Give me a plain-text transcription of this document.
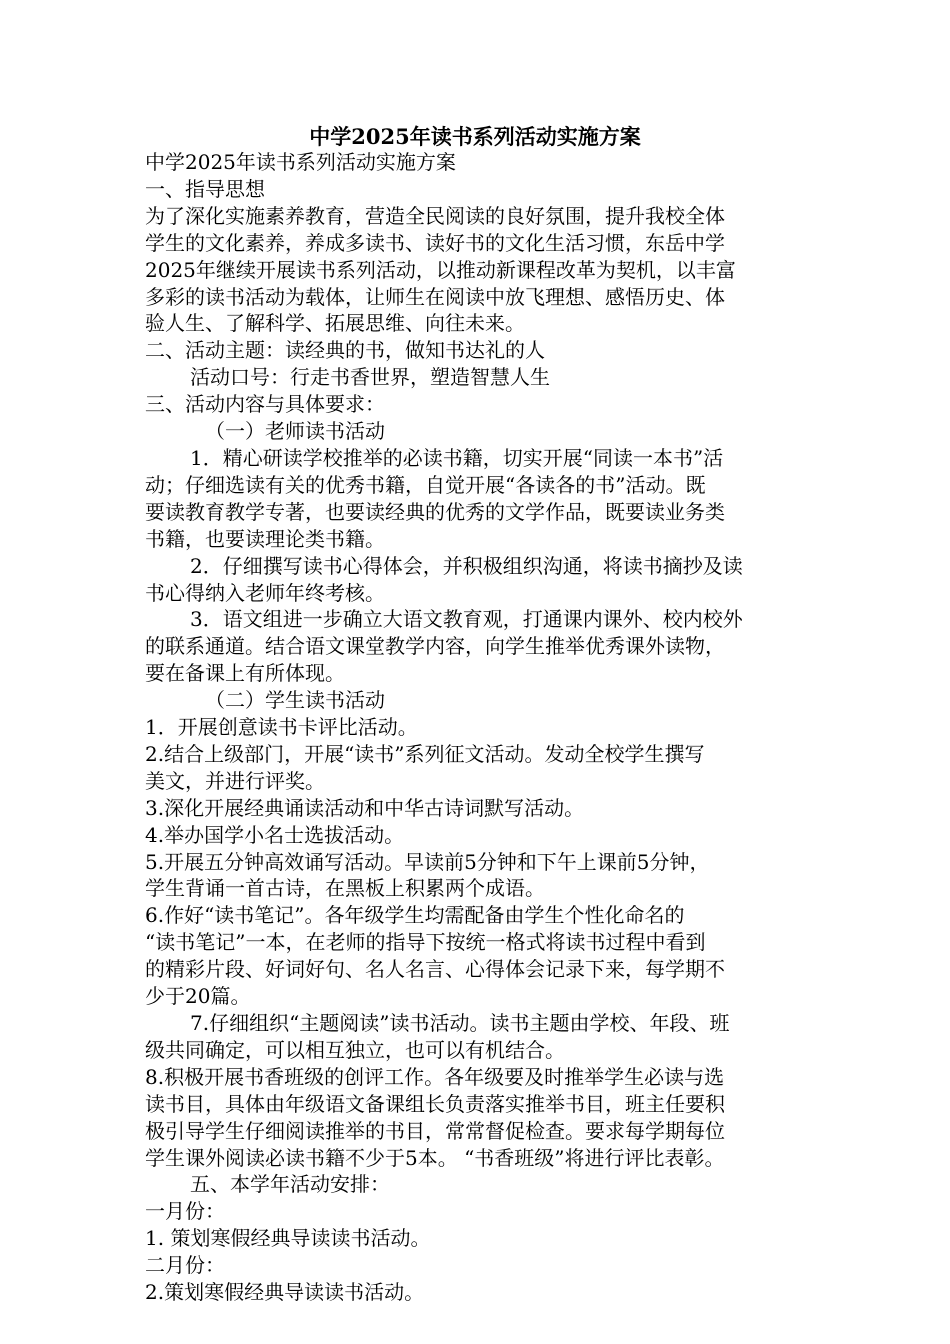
中学2025年读书系列活动实施方案

中学2025年读书系列活动实施方案

一、指导思想

为了深化实施素养教育，营造全民阅读的良好氛围，提升我校全体

学生的文化素养，养成多读书、读好书的文化生活习惯，东岳中学

2025年继续开展读书系列活动，以推动新课程改革为契机，以丰富

多彩的读书活动为载体，让师生在阅读中放飞理想、感悟历史、体

验人生、了解科学、拓展思维、向往未来。

二、活动主题：读经典的书，做知书达礼的人

活动口号：行走书香世界，塑造智慧人生

三、活动内容与具体要求：

（一）老师读书活动

1．精心研读学校推举的必读书籍，切实开展“同读一本书”活

动；仔细选读有关的优秀书籍，自觉开展“各读各的书”活动。既

要读教育教学专著，也要读经典的优秀的文学作品，既要读业务类

书籍，也要读理论类书籍。

2．仔细撰写读书心得体会，并积极组织沟通，将读书摘抄及读

书心得纳入老师年终考核。

3．语文组进一步确立大语文教育观，打通课内课外、校内校外

的联系通道。结合语文课堂教学内容，向学生推举优秀课外读物，

要在备课上有所体现。

（二）学生读书活动

1．开展创意读书卡评比活动。

2.结合上级部门，开展“读书”系列征文活动。发动全校学生撰写

美文，并进行评奖。

3.深化开展经典诵读活动和中华古诗词默写活动。

4.举办国学小名士选拔活动。

5.开展五分钟高效诵写活动。早读前5分钟和下午上课前5分钟，

学生背诵一首古诗，在黑板上积累两个成语。

6.作好“读书笔记”。各年级学生均需配备由学生个性化命名的

“读书笔记”一本，在老师的指导下按统一格式将读书过程中看到

的精彩片段、好词好句、名人名言、心得体会记录下来，每学期不

少于20篇。

7.仔细组织“主题阅读”读书活动。读书主题由学校、年段、班

级共同确定，可以相互独立，也可以有机结合。

8.积极开展书香班级的创评工作。各年级要及时推举学生必读与选

读书目，具体由年级语文备课组长负责落实推举书目，班主任要积

极引导学生仔细阅读推举的书目，常常督促检查。要求每学期每位

学生课外阅读必读书籍不少于5本。 “书香班级”将进行评比表彰。

五、本学年活动安排：

一月份：

1. 策划寒假经典导读读书活动。

二月份：

2.策划寒假经典导读读书活动。
